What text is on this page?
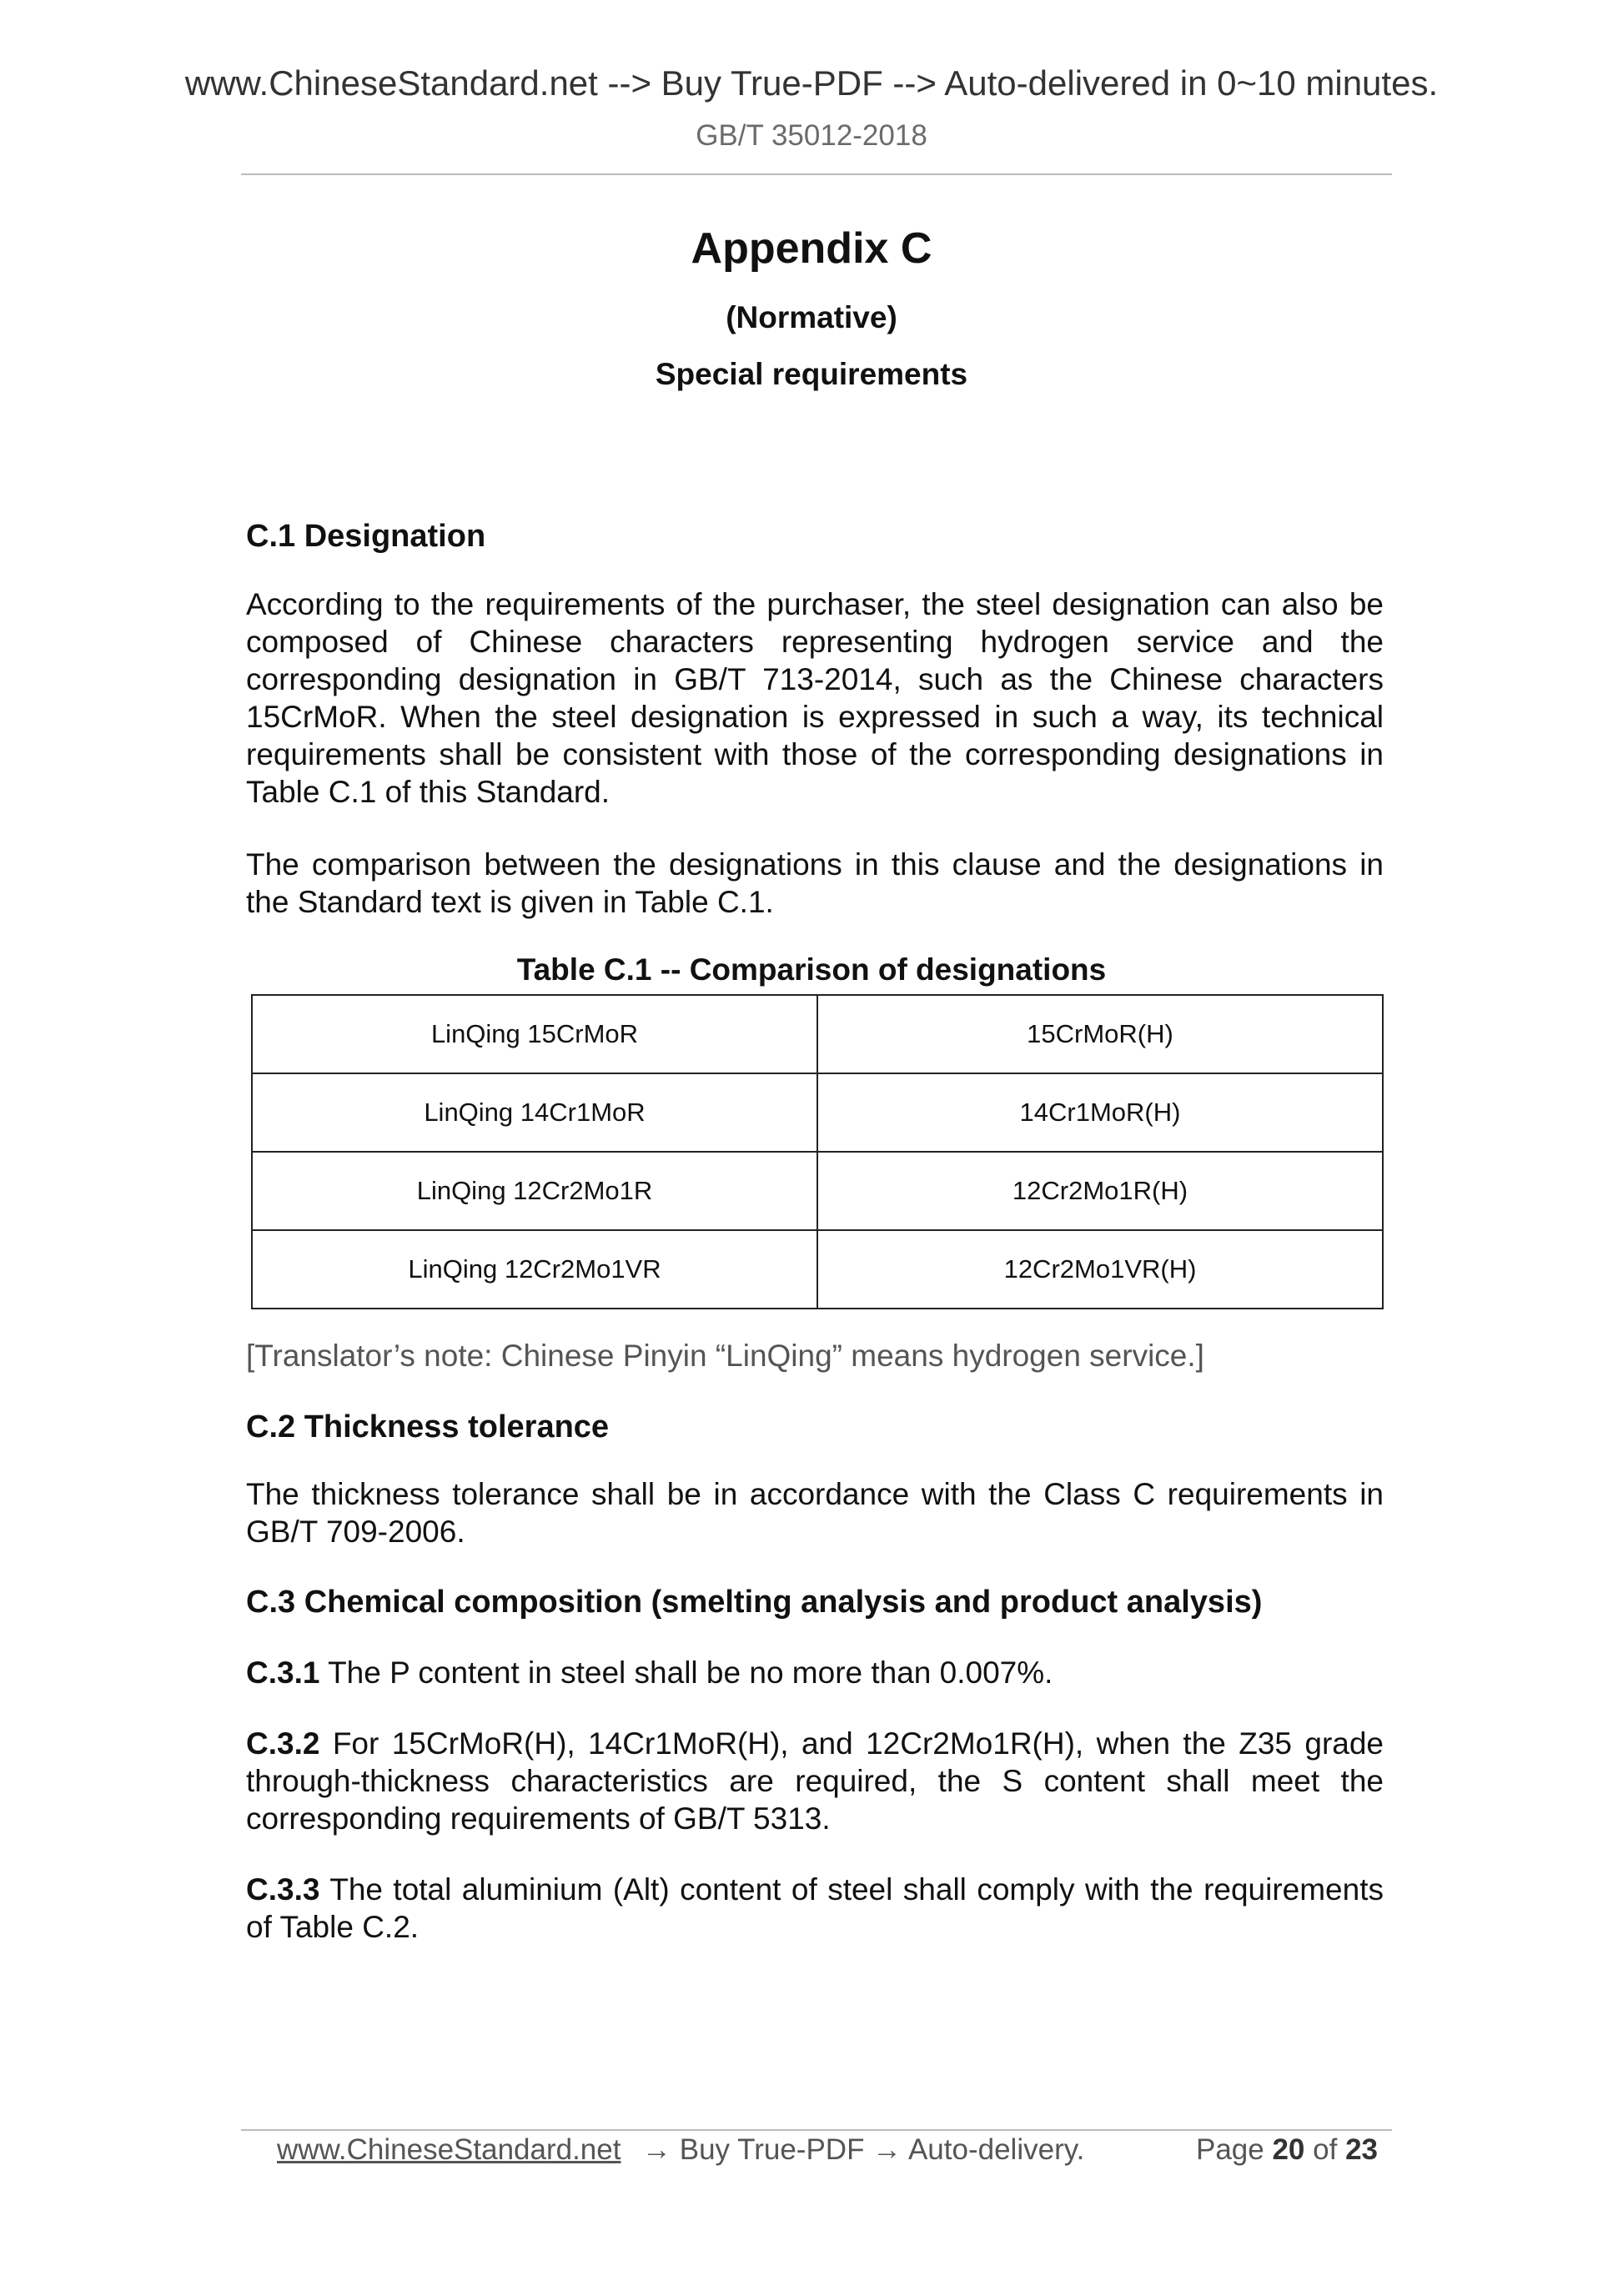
www.ChineseStandard.net --> Buy True-PDF --> Auto-delivered in 0~10 minutes.
GB/T 35012-2018
Appendix C
(Normative)
Special requirements
C.1 Designation
According to the requirements of the purchaser, the steel designation can also be composed of Chinese characters representing hydrogen service and the corresponding designation in GB/T 713-2014, such as the Chinese characters 15CrMoR. When the steel designation is expressed in such a way, its technical requirements shall be consistent with those of the corresponding designations in Table C.1 of this Standard.
The comparison between the designations in this clause and the designations in the Standard text is given in Table C.1.
Table C.1 -- Comparison of designations
LinQing 15CrMoR	15CrMoR(H)
LinQing 14Cr1MoR	14Cr1MoR(H)
LinQing 12Cr2Mo1R	12Cr2Mo1R(H)
LinQing 12Cr2Mo1VR	12Cr2Mo1VR(H)
[Translator’s note: Chinese Pinyin “LinQing” means hydrogen service.]
C.2 Thickness tolerance
The thickness tolerance shall be in accordance with the Class C requirements in GB/T 709-2006.
C.3 Chemical composition (smelting analysis and product analysis)
C.3.1 The P content in steel shall be no more than 0.007%.
C.3.2 For 15CrMoR(H), 14Cr1MoR(H), and 12Cr2Mo1R(H), when the Z35 grade through-thickness characteristics are required, the S content shall meet the corresponding requirements of GB/T 5313.
C.3.3 The total aluminium (Alt) content of steel shall comply with the requirements of Table C.2.
www.ChineseStandard.net → Buy True-PDF → Auto-delivery.	Page 20 of 23
